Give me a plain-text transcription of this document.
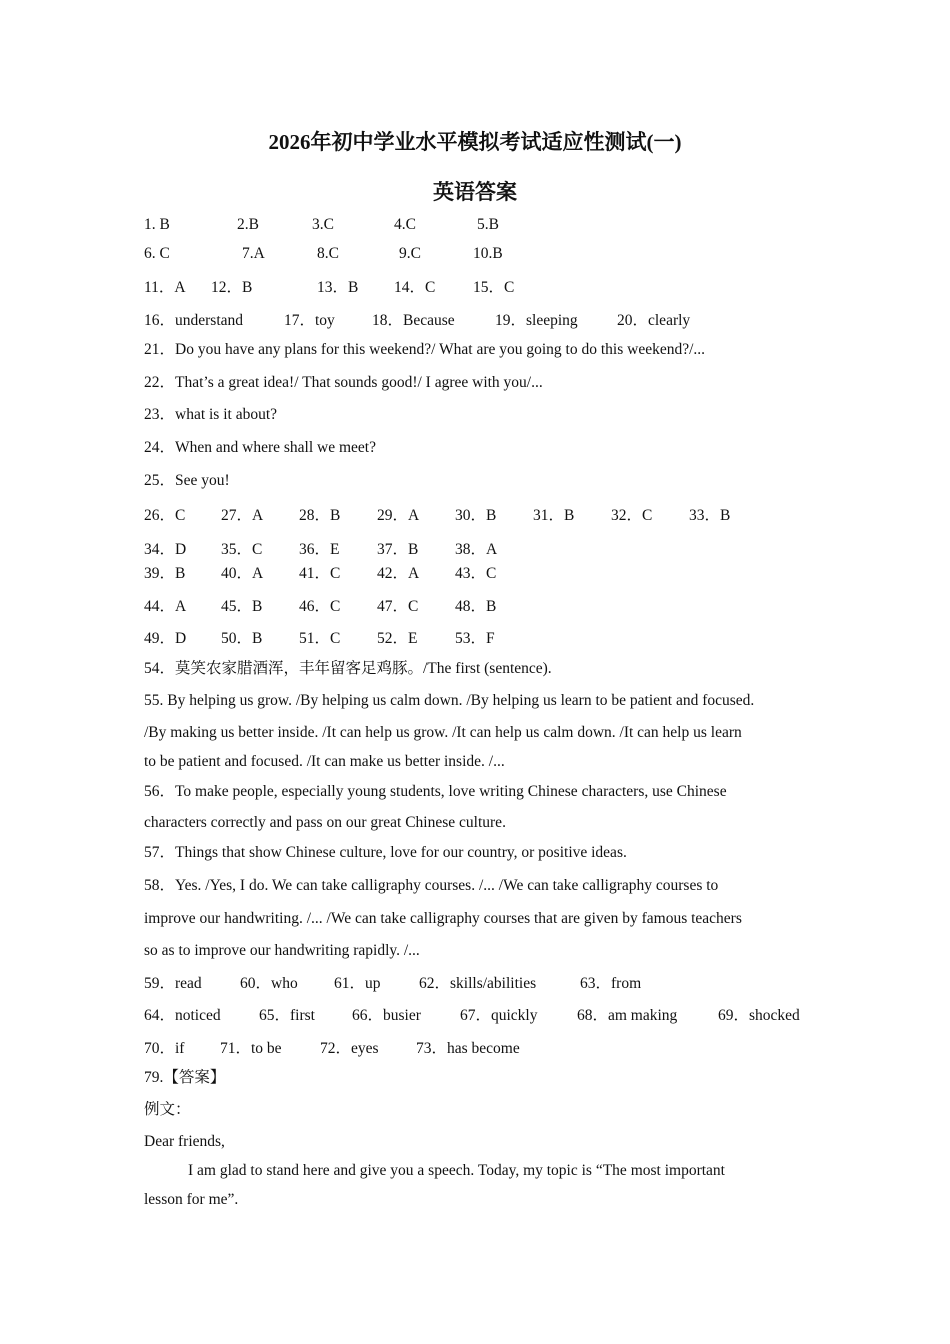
2026年初中学业水平模拟考试适应性测试(一)
英语答案
1. B	2.B	3.C	4.C	5.B
6. C	7.A	8.C	9.C	10.B
11．A 12．B	13．B 14．C 15．C
16．understand	17．toy 18．Because	19．sleeping	20．clearly
21．Do you have any plans for this weekend?/ What are you going to do this weekend?/...
22．That’s a great idea!/ That sounds good!/ I agree with you/...
23．what is it about?
24．When and where shall we meet?
25．See you!
26．C 27．A 28．B 29．A 30．B 31．B 32．C 33．B
34．D 35．C 36．E 37．B 38．A
39．B 40．A 41．C 42．A 43．C
44．A 45．B 46．C 47．C 48．B
49．D 50．B 51．C 52．E 53．F
54．莫笑农家腊酒浑，丰年留客足鸡豚。/The first (sentence).
55. By helping us grow. /By helping us calm down. /By helping us learn to be patient and focused.
/By making us better inside. /It can help us grow. /It can help us calm down. /It can help us learn
to be patient and focused. /It can make us better inside. /...
56．To make people, especially young students, love writing Chinese characters, use Chinese
characters correctly and pass on our great Chinese culture.
57．Things that show Chinese culture, love for our country, or positive ideas.
58．Yes. /Yes, I do. We can take calligraphy courses. /... /We can take calligraphy courses to
improve our handwriting. /... /We can take calligraphy courses that are given by famous teachers
so as to improve our handwriting rapidly. /...
59．read 60．who 61．up 62．skills/abilities	63．from
64．noticed 65．first 66．busier	67．quickly	68．am making	69．shocked
70．if 71．to be 72．eyes 73．has become
79.【答案】
例文：
Dear friends,
I am glad to stand here and give you a speech. Today, my topic is “The most important
lesson for me”.
